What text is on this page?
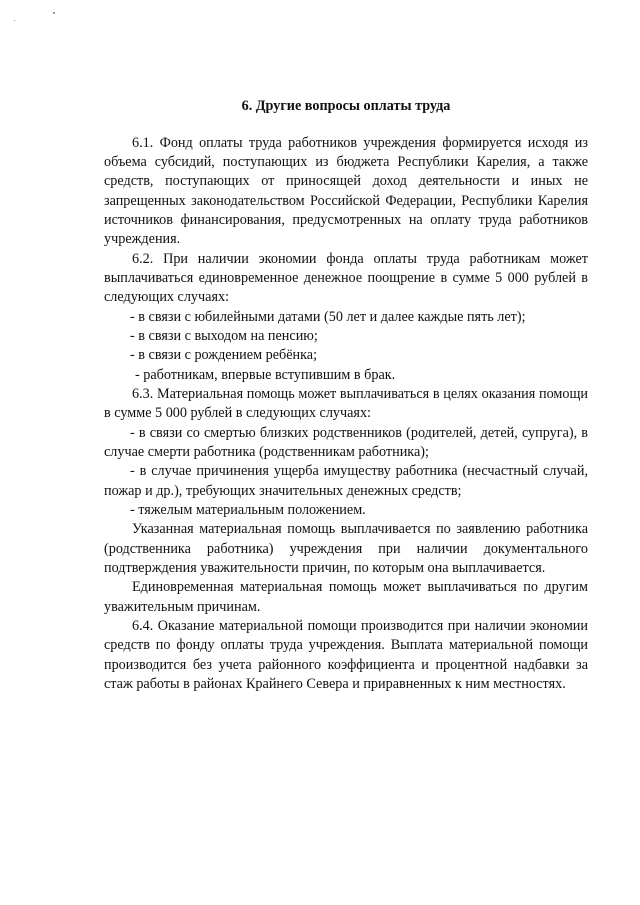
6. Другие вопросы оплаты труда

6.1. Фонд оплаты труда работников учреждения формируется исходя из объема субсидий, поступающих из бюджета Республики Карелия, а также средств, поступающих от приносящей доход деятельности и иных не запрещенных законодательством Российской Федерации, Республики Карелия источников финансирования, предусмотренных на оплату труда работников учреждения.

6.2. При наличии экономии фонда оплаты труда работникам может выплачиваться единовременное денежное поощрение в сумме 5 000 рублей в следующих случаях:

- в связи с юбилейными датами (50 лет и далее каждые пять лет);

- в связи с выходом на пенсию;

- в связи с рождением ребёнка;

- работникам, впервые вступившим в брак.

6.3. Материальная помощь может выплачиваться в целях оказания помощи в сумме 5 000 рублей в следующих случаях:

- в связи со смертью близких родственников (родителей, детей, супруга), в случае смерти работника (родственникам работника);

- в случае причинения ущерба имуществу работника (несчастный случай, пожар и др.), требующих значительных денежных средств;

- тяжелым материальным положением.

Указанная материальная помощь выплачивается по заявлению работника (родственника работника) учреждения при наличии документального подтверждения уважительности причин, по которым она выплачивается.

Единовременная материальная помощь может выплачиваться по другим уважительным причинам.

6.4. Оказание материальной помощи производится при наличии экономии средств по фонду оплаты труда учреждения. Выплата материальной помощи производится без учета районного коэффициента и процентной надбавки за стаж работы в районах Крайнего Севера и приравненных к ним местностях.
